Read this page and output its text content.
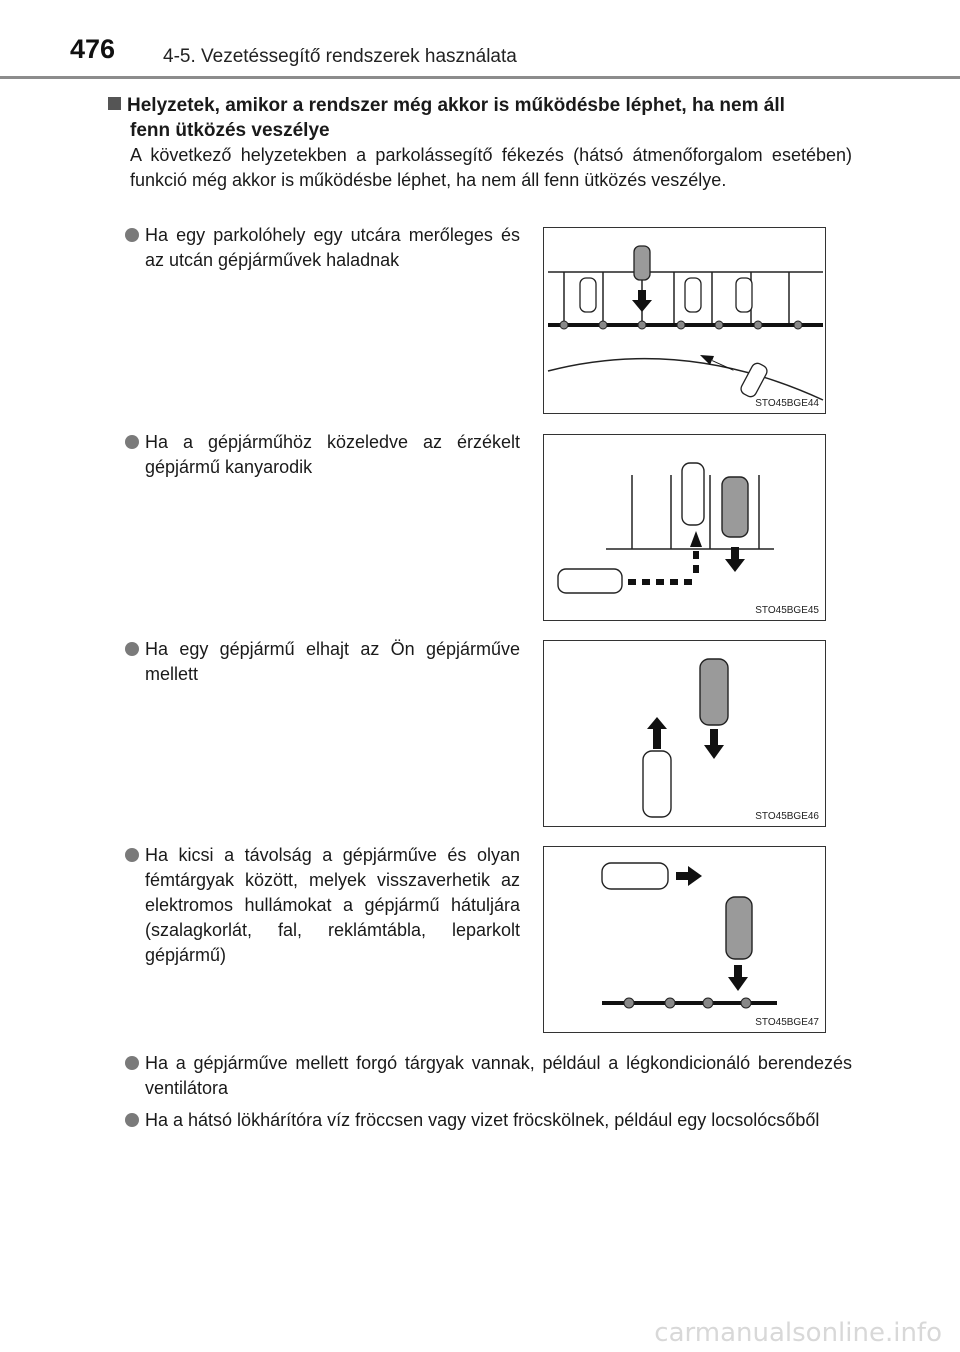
476	4-5. Vezetéssegítő rendszerek használata
Helyzetek, amikor a rendszer még akkor is működésbe léphet, ha nem áll
fenn ütközés veszélye
A következő helyzetekben a parkolássegítő fékezés (hátsó átmenőforgalom esetében) funkció még akkor is működésbe léphet, ha nem áll fenn ütközés veszélye.
Ha egy parkolóhely egy utcára merőleges és az utcán gépjárművek haladnak
Ha a gépjárműhöz közeledve az érzékelt gépjármű kanyarodik
Ha egy gépjármű elhajt az Ön gépjárműve mellett
Ha kicsi a távolság a gépjárműve és olyan fémtárgyak között, melyek visszaverhetik az elektromos hullámokat a gépjármű hátuljára (szalagkorlát, fal, reklámtábla, leparkolt gépjármű)
Ha a gépjárműve mellett forgó tárgyak vannak, például a légkondicionáló berendezés ventilátora
Ha a hátsó lökhárítóra víz fröccsen vagy vizet fröcskölnek, például egy locsolócsőből
STO45BGE44
STO45BGE45
STO45BGE46
STO45BGE47
carmanualsonline.info
